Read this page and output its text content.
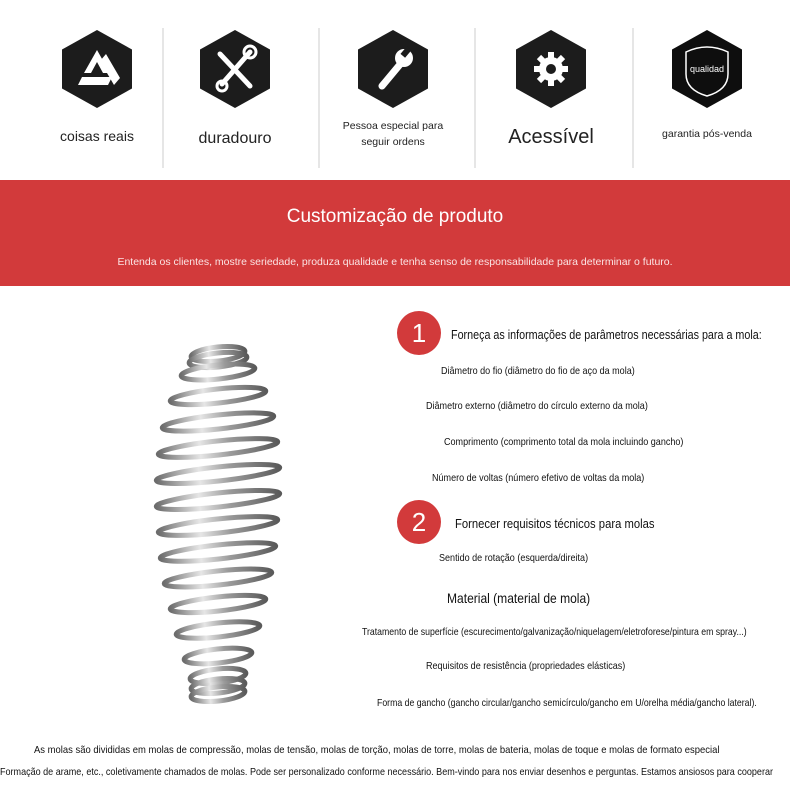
coisas reais	duradouro
Pessoa especial para
seguir ordens	Acessível
qualidad
garantia pós-venda
Customização de produto
Entenda os clientes, mostre seriedade, produza qualidade e tenha senso de responsabilidade para determinar o futuro.
1	Forneça as informações de parâmetros necessárias para a mola:
Diâmetro do fio (diâmetro do fio de aço da mola)
Diâmetro externo (diâmetro do círculo externo da mola)
Comprimento (comprimento total da mola incluindo gancho)
Número de voltas (número efetivo de voltas da mola)
2	Fornecer requisitos técnicos para molas
Sentido de rotação (esquerda/direita)
Material (material de mola)
Tratamento de superfície (escurecimento/galvanização/niquelagem/eletroforese/pintura em spray...)
Requisitos de resistência (propriedades elásticas)
Forma de gancho (gancho circular/gancho semicírculo/gancho em U/orelha média/gancho lateral).
As molas são divididas em molas de compressão, molas de tensão, molas de torção, molas de torre, molas de bateria, molas de toque e molas de formato especial
Formação de arame, etc., coletivamente chamados de molas. Pode ser personalizado conforme necessário. Bem-vindo para nos enviar desenhos e perguntas. Estamos ansiosos para cooperar
